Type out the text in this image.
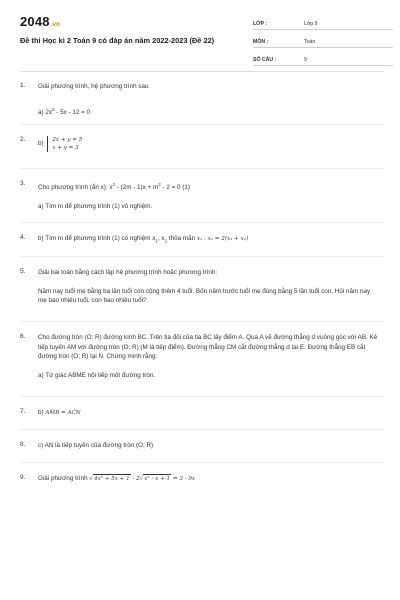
2048.vn
Đề thi Học kì 2 Toán 9 có đáp án năm 2022-2023 (Đề 22)
LỚP :	Lớp 9
MÔN :	Toán
SỐ CÂU :	9
1. Giải phương trình, hệ phương trình sau

a) $2x^2 - 5x - 12 = 0$

2.
b)
2x + y = 5
x + y = 3
3.

Cho phương trình (ẩn x): $x^2 - (2m - 1)x + m^2 - 2 = 0$ (1)

a) Tìm m để phương trình (1) vô nghiệm.

4. b) Tìm m để phương trình (1) có nghiệm $x_1$, $x_2$ thỏa mãn x₁ . x₂ = 2(x₁ + x₂)

5. Giải bài toán bằng cách lập hệ phương trình hoặc phương trình:

Năm nay tuổi mẹ bằng ba lần tuổi con cộng thêm 4 tuổi. Bốn năm trước tuổi mẹ đúng bằng 5 lần tuổi con. Hỏi năm nay mẹ bao nhiêu tuổi, con bao nhiêu tuổi?

6. Cho đường tròn (O; R) đường kính BC. Trên tia đối của tia BC lấy điểm A. Qua A vẽ đường thẳng d vuông góc với AB. Kẻ tiếp tuyến AM với đường tròn (O; R) (M là tiếp điểm). Đường thẳng CM cắt đường thẳng d tại E. Đường thẳng EB cắt đường tròn (O; R) tại N. Chứng minh rằng:

a) Tứ giác ABME nội tiếp một đường tròn.

7. b) AM̂B = AĈN

8. c) AN là tiếp tuyến của đường tròn (O; R)

9. Giải phương trình √4x² + 5x + 1 - 2√x² - x + 1 = 3 - 9x
